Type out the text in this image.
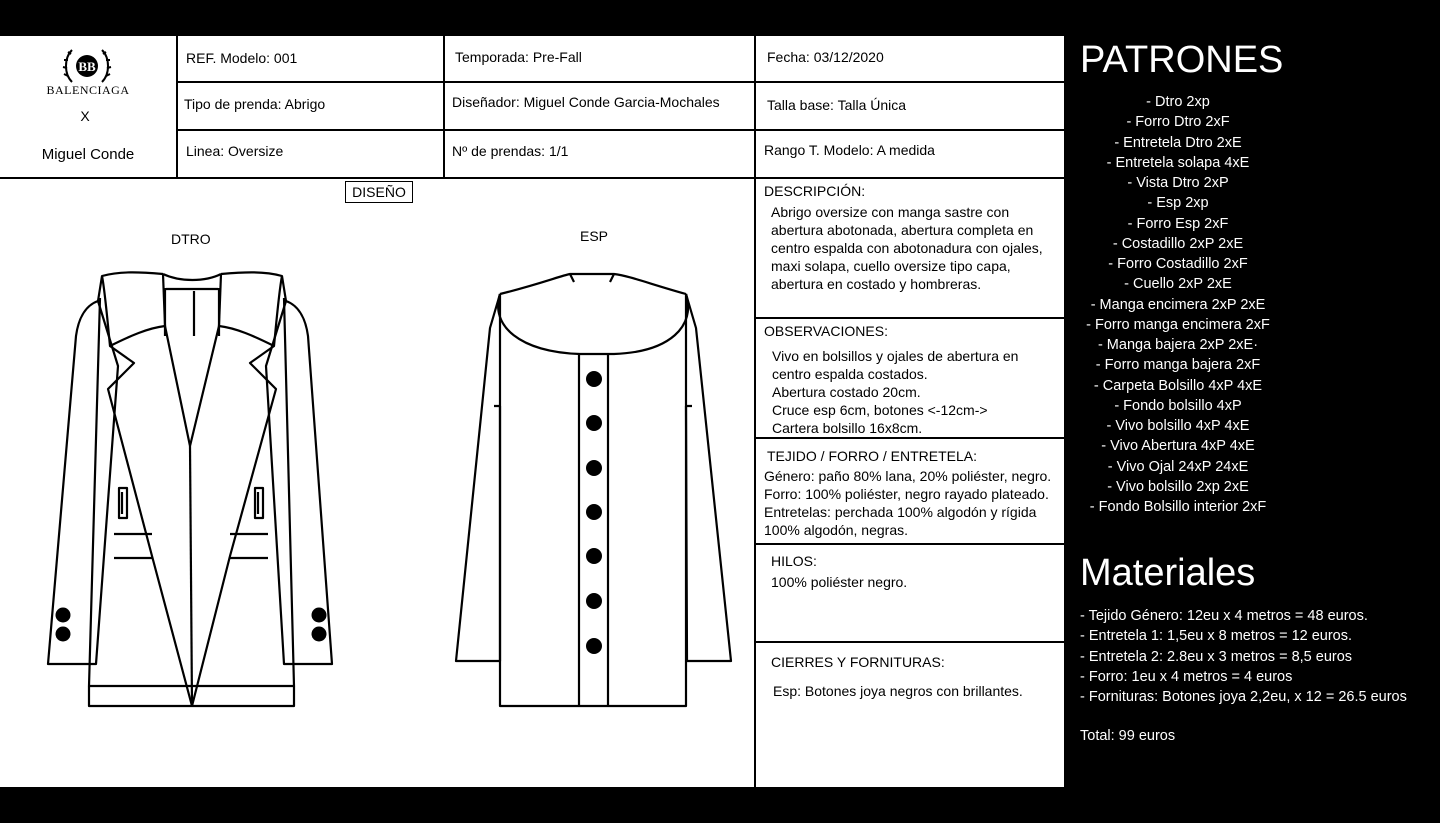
BB
BALENCIAGA
X
Miguel Conde
REF. Modelo: 001	Temporada: Pre-Fall	Fecha: 03/12/2020
Tipo de prenda: Abrigo	Diseñador: Miguel Conde Garcia-Mochales	Talla base: Talla Única
Linea: Oversize	Nº de prendas: 1/1	Rango T. Modelo: A medida
DISEÑO
DTRO	ESP
DESCRIPCIÓN:
Abrigo oversize con manga sastre con
abertura abotonada, abertura completa en
centro espalda con abotonadura con ojales,
maxi solapa, cuello oversize tipo capa,
abertura en costado y hombreras.
OBSERVACIONES:
Vivo en bolsillos y ojales de abertura en
centro espalda costados.
Abertura costado 20cm.
Cruce esp 6cm, botones <-12cm->
Cartera bolsillo 16x8cm.
TEJIDO / FORRO / ENTRETELA:
Género: paño 80% lana, 20% poliéster, negro.
Forro: 100% poliéster, negro rayado plateado.
Entretelas: perchada 100% algodón y rígida
100% algodón, negras.
HILOS:
100% poliéster negro.
CIERRES Y FORNITURAS:
Esp: Botones joya negros con brillantes.
PATRONES
- Dtro 2xp
- Forro Dtro 2xF
- Entretela Dtro 2xE
- Entretela solapa 4xE
- Vista Dtro 2xP
- Esp 2xp
- Forro Esp 2xF
- Costadillo 2xP 2xE
- Forro Costadillo 2xF
- Cuello 2xP 2xE
- Manga encimera 2xP 2xE
- Forro manga encimera 2xF
- Manga bajera 2xP 2xE·
- Forro manga bajera 2xF
- Carpeta Bolsillo 4xP 4xE
- Fondo bolsillo 4xP
- Vivo bolsillo 4xP 4xE
- Vivo Abertura 4xP 4xE
- Vivo Ojal 24xP 24xE
- Vivo bolsillo 2xp 2xE
- Fondo Bolsillo interior 2xF
Materiales
- Tejido Género: 12eu x 4 metros = 48 euros.
- Entretela 1: 1,5eu x 8 metros = 12 euros.
- Entretela 2: 2.8eu x 3 metros = 8,5 euros
- Forro: 1eu x 4 metros = 4 euros
- Fornituras: Botones joya 2,2eu, x 12 = 26.5 euros
Total: 99 euros
